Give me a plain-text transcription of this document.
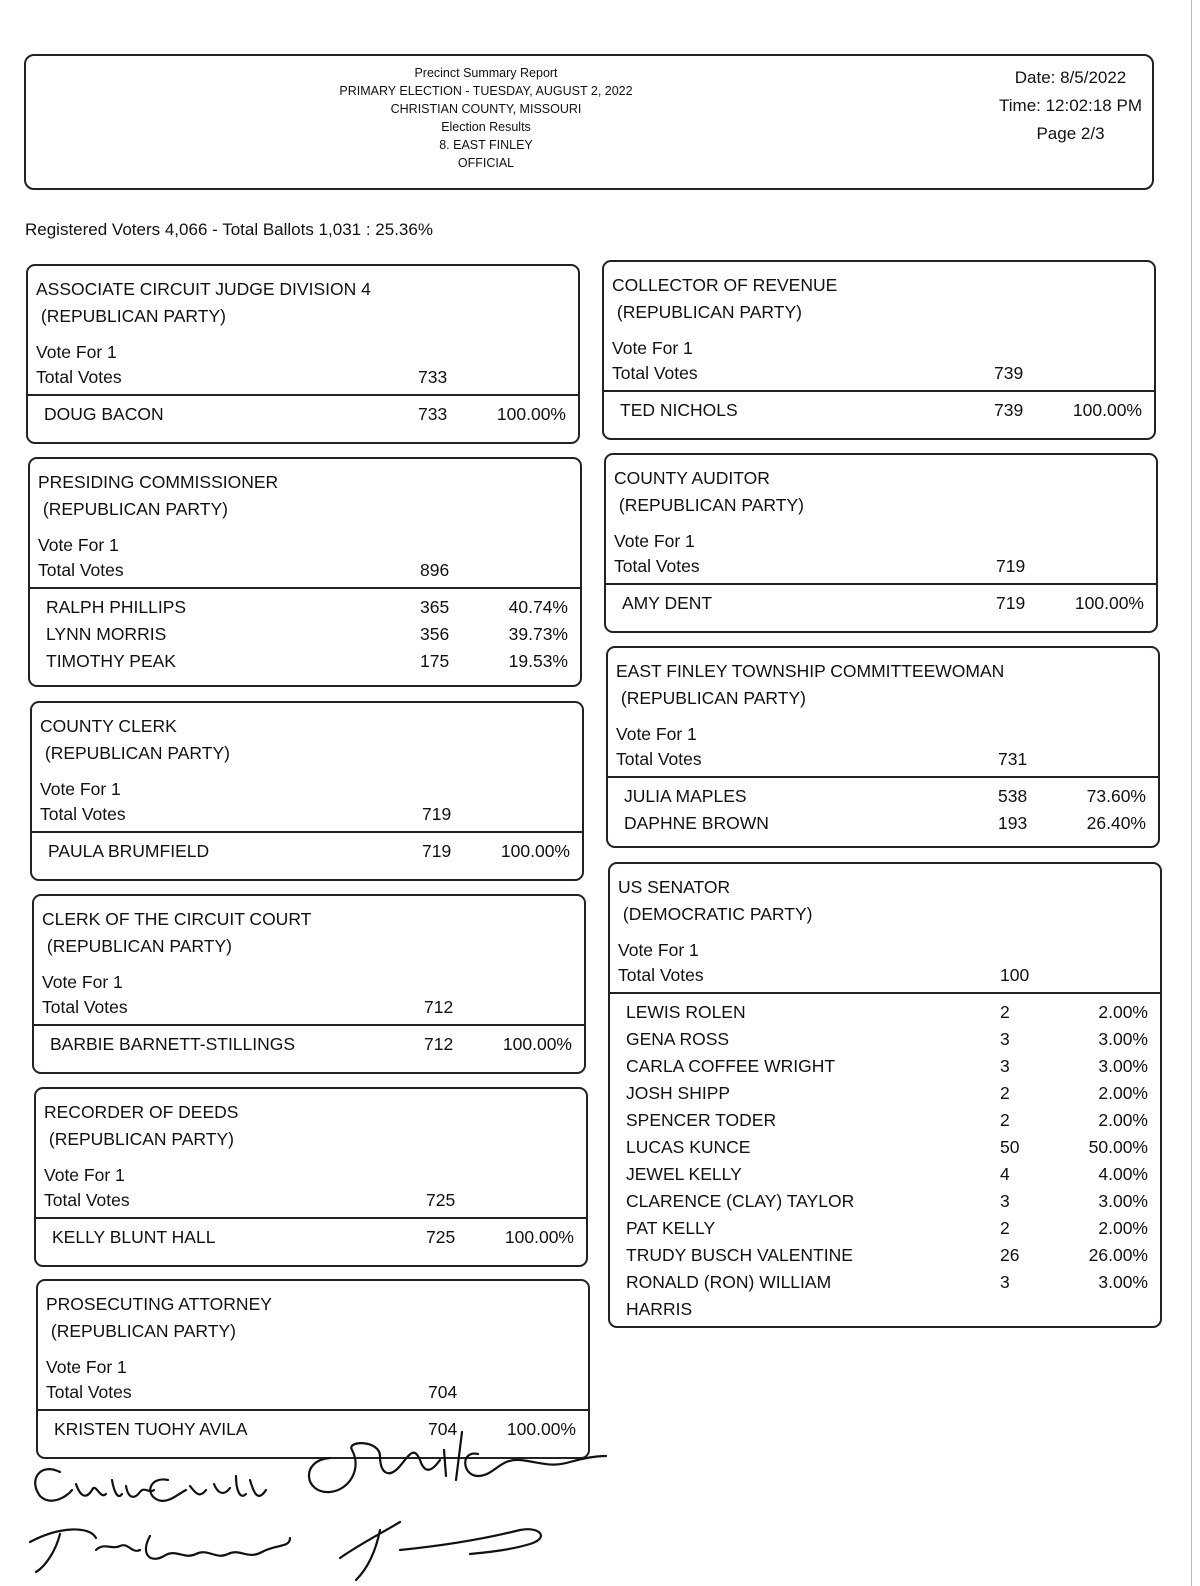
Precinct Summary Report
PRIMARY ELECTION - TUESDAY, AUGUST 2, 2022
CHRISTIAN COUNTY, MISSOURI
Election Results
8. EAST FINLEY
OFFICIAL
Date: 8/5/2022
Time: 12:02:18 PM
Page 2/3
Registered Voters 4,066 - Total Ballots 1,031 : 25.36%
ASSOCIATE CIRCUIT JUDGE DIVISION 4
(REPUBLICAN PARTY)
Vote For 1
Total Votes	733
DOUG BACON	733	100.00%
PRESIDING COMMISSIONER
(REPUBLICAN PARTY)
Vote For 1
Total Votes	896
RALPH PHILLIPS	365	40.74%
LYNN MORRIS	356	39.73%
TIMOTHY PEAK	175	19.53%
COUNTY CLERK
(REPUBLICAN PARTY)
Vote For 1
Total Votes	719
PAULA BRUMFIELD	719	100.00%
CLERK OF THE CIRCUIT COURT
(REPUBLICAN PARTY)
Vote For 1
Total Votes	712
BARBIE BARNETT-STILLINGS	712	100.00%
RECORDER OF DEEDS
(REPUBLICAN PARTY)
Vote For 1
Total Votes	725
KELLY BLUNT HALL	725	100.00%
PROSECUTING ATTORNEY
(REPUBLICAN PARTY)
Vote For 1
Total Votes	704
KRISTEN TUOHY AVILA	704	100.00%
COLLECTOR OF REVENUE
(REPUBLICAN PARTY)
Vote For 1
Total Votes	739
TED NICHOLS	739	100.00%
COUNTY AUDITOR
(REPUBLICAN PARTY)
Vote For 1
Total Votes	719
AMY DENT	719	100.00%
EAST FINLEY TOWNSHIP COMMITTEEWOMAN
(REPUBLICAN PARTY)
Vote For 1
Total Votes	731
JULIA MAPLES	538	73.60%
DAPHNE BROWN	193	26.40%
US SENATOR
(DEMOCRATIC PARTY)
Vote For 1
Total Votes	100
LEWIS ROLEN	2	2.00%
GENA ROSS	3	3.00%
CARLA COFFEE WRIGHT	3	3.00%
JOSH SHIPP	2	2.00%
SPENCER TODER	2	2.00%
LUCAS KUNCE	50	50.00%
JEWEL KELLY	4	4.00%
CLARENCE (CLAY) TAYLOR	3	3.00%
PAT KELLY	2	2.00%
TRUDY BUSCH VALENTINE	26	26.00%
RONALD (RON) WILLIAM	3	3.00%
HARRIS
